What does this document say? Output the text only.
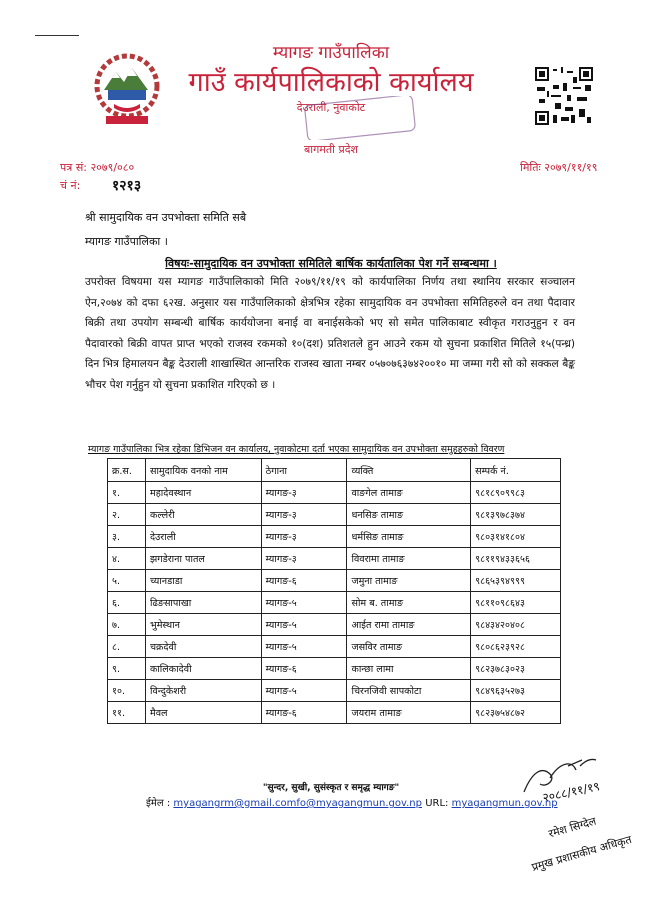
म्यागङ गाउँपालिका
गाउँ कार्यपालिकाको कार्यालय
देउराली, नुवाकोट
बागमती प्रदेश
पत्र सं: २०७९/०८०
चं नं: १२१३
मितिः २०७९/११/१९
श्री सामुदायिक वन उपभोक्ता समिति सबै
म्यागङ गाउँपालिका ।
विषयः-सामुदायिक वन उपभोक्ता समितिले बार्षिक कार्यतालिका पेश गर्ने सम्बन्धमा ।
उपरोक्त विषयमा यस म्यागङ गाउँपालिकाको मिति २०७९/११/१९ को कार्यपालिका निर्णय तथा स्थानिय सरकार सञ्चालन ऐन,२०७४ को दफा ६२ख. अनुसार यस गाउँपालिकाको क्षेत्रभित्र रहेका सामुदायिक वन उपभोक्ता समितिहरुले वन तथा पैदावार बिक्री तथा उपयोग सम्बन्धी बार्षिक कार्ययोजना बनाई वा बनाईसकेको भए सो समेत पालिकाबाट स्वीकृत गराउनुहुन र वन पैदावारको बिक्री वापत प्राप्त भएको राजस्व रकमको १०(दश) प्रतिशतले हुन आउने रकम यो सुचना प्रकाशित मितिले १५(पन्ध्र) दिन भित्र हिमालयन बैङ्क देउराली शाखास्थित आन्तरिक राजस्व खाता नम्बर ०५७०७६३७४२००१० मा जम्मा गरी सो को सक्कल बैङ्क भौचर पेश गर्नुहुन यो सुचना प्रकाशित गरिएको छ ।
म्यागङ गाउँपालिका भित्र रहेका डिभिजन वन कार्यालय, नुवाकोटमा दर्ता भएका सामुदायिक वन उपभोक्ता समुहहरुको विवरण
क्र.स.	सामुदायिक वनको नाम	ठेगाना	व्यक्ति	सम्पर्क नं.
१.	महादेवस्थान	म्यागङ-३	वाङगेल तामाङ	९८१८९०९९८३
२.	कल्लेरी	म्यागङ-३	धनसिङ तामाङ	९८१३९७८३७४
३.	देउराली	म्यागङ-३	धर्मसिङ तामाङ	९८०३१४१८०४
४.	झगडेराना पातल	म्यागङ-३	विवरामा तामाङ	९८११९४३३६५६
५.	च्यानडाडा	म्यागङ-६	जमुना तामाङ	९८६५३९४९९९
६.	ढिङसापाखा	म्यागङ-५	सोम ब. तामाङ	९८११०९८६४३
७.	भुमेस्थान	म्यागङ-५	आईत रामा तामाङ	९८४३४२०४०८
८.	चक्रदेवी	म्यागङ-५	जसविर तामाङ	९८०८६२३९२८
९.	कालिकादेवी	म्यागङ-६	कान्छा लामा	९८२३७८३०२३
१०.	विन्दुकेशरी	म्यागङ-५	चिरनजिवी सापकोटा	९८४९६३५२७३
११.	मैवल	म्यागङ-६	जयराम तामाङ	९८२३७५४८७२
"सुन्दर, सुखी, सुसंस्कृत र समृद्ध म्यागङ"
ईमेल : myagangrm@gmail.comfo@myagangmun.gov.np URL: myagangmun.gov.np
२०८८/११/१९
रमेश सिग्देल
प्रमुख प्रशासकीय अधिकृत
